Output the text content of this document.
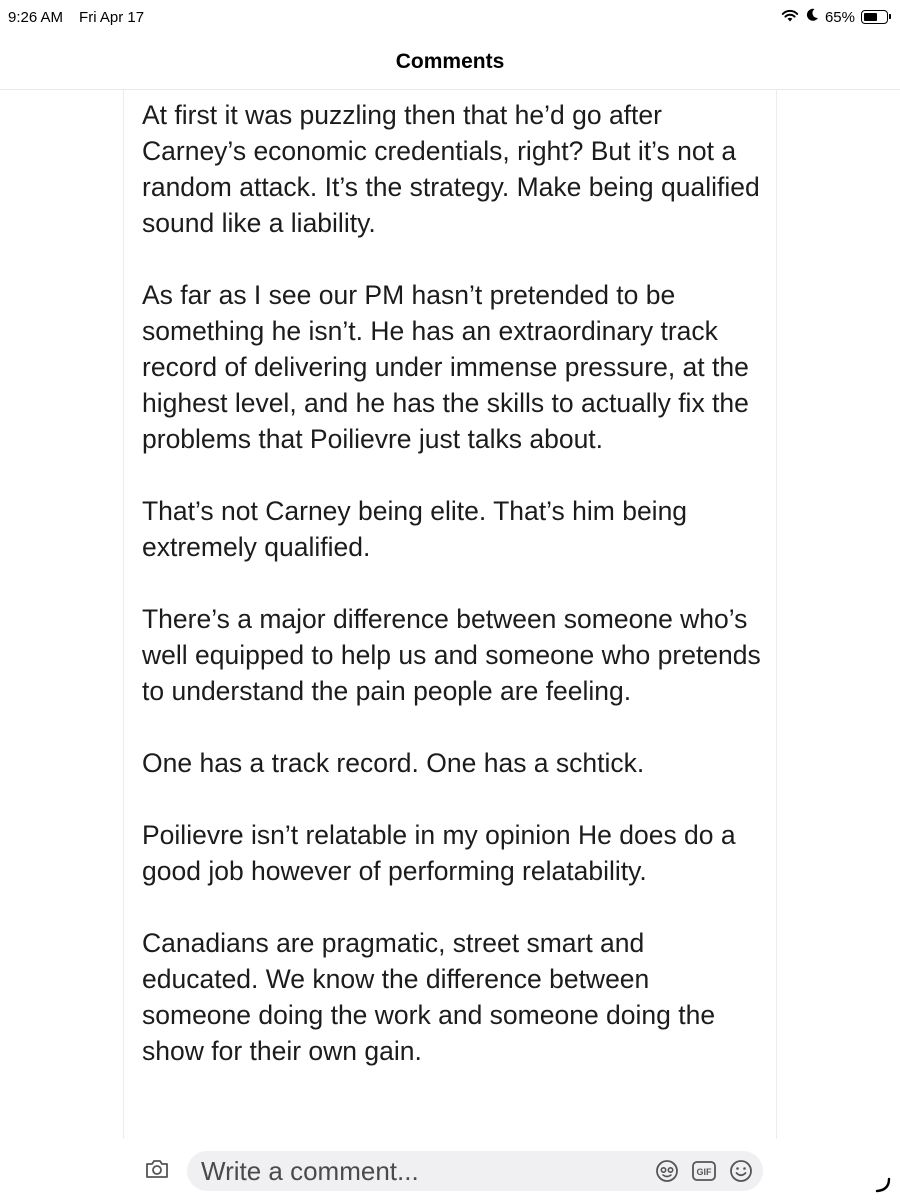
9:26 AM Fri Apr 17	65%
Comments

At first it was puzzling then that he’d go after Carney’s economic credentials, right? But it’s not a random attack. It’s the strategy. Make being qualified sound like a liability.

As far as I see our PM hasn’t pretended to be something he isn’t. He has an extraordinary track record of delivering under immense pressure, at the highest level, and he has the skills to actually fix the problems that Poilievre just talks about.

That’s not Carney being elite. That’s him being extremely qualified.

There’s a major difference between someone who’s well equipped to help us and someone who pretends to understand the pain people are feeling.

One has a track record. One has a schtick.

Poilievre isn’t relatable in my opinion He does do a good job however of performing relatability.

Canadians are pragmatic, street smart and educated. We know the difference between someone doing the work and someone doing the show for their own gain.

Write a comment...
GIF
